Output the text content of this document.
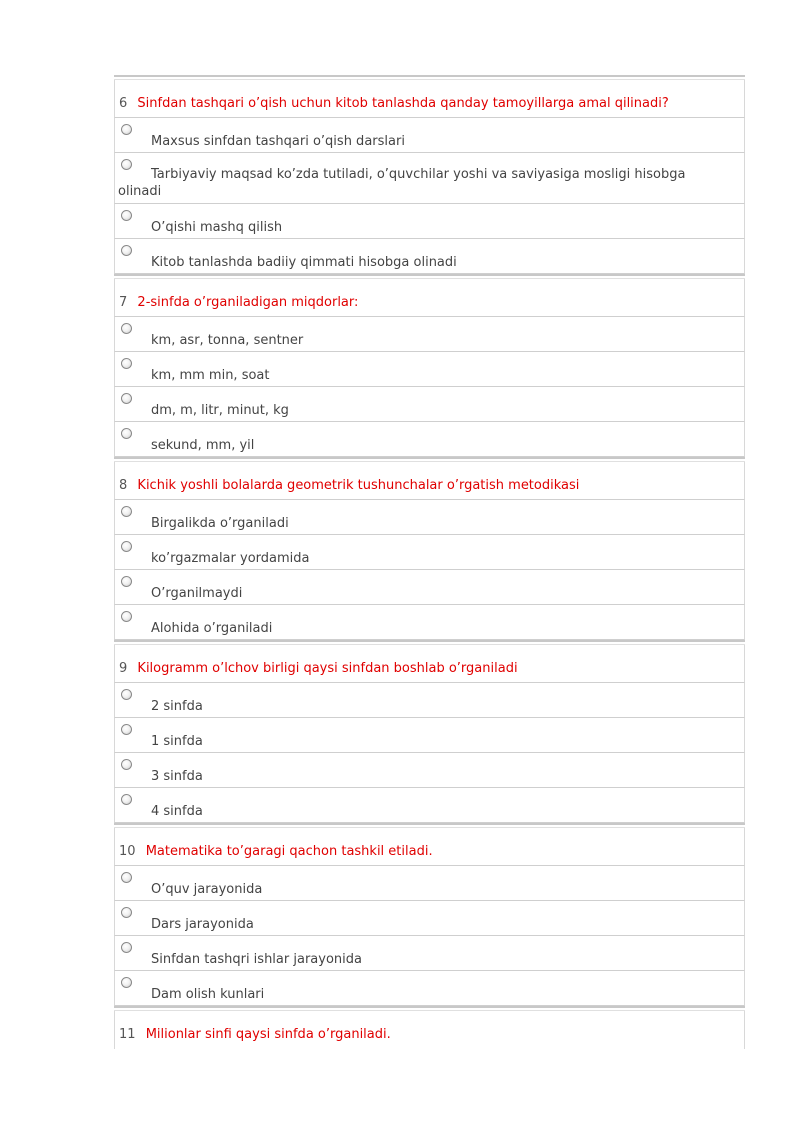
6 Sinfdan tashqari o’qish uchun kitob tanlashda qanday tamoyillarga amal qilinadi?
Maxsus sinfdan tashqari o’qish darslari
Tarbiyaviy maqsad ko’zda tutiladi, o’quvchilar yoshi va saviyasiga mosligi hisobga olinadi
O’qishi mashq qilish
Kitob tanlashda badiiy qimmati hisobga olinadi
7 2-sinfda o’rganiladigan miqdorlar:
km, asr, tonna, sentner
km, mm min, soat
dm, m, litr, minut, kg
sekund, mm, yil
8 Kichik yoshli bolalarda geometrik tushunchalar o’rgatish metodikasi
Birgalikda o’rganiladi
ko’rgazmalar yordamida
O’rganilmaydi
Alohida o’rganiladi
9 Kilogramm o’lchov birligi qaysi sinfdan boshlab o’rganiladi
2 sinfda
1 sinfda
3 sinfda
4 sinfda
10 Matematika to’garagi qachon tashkil etiladi.
O’quv jarayonida
Dars jarayonida
Sinfdan tashqri ishlar jarayonida
Dam olish kunlari
11 Milionlar sinfi qaysi sinfda o’rganiladi.
